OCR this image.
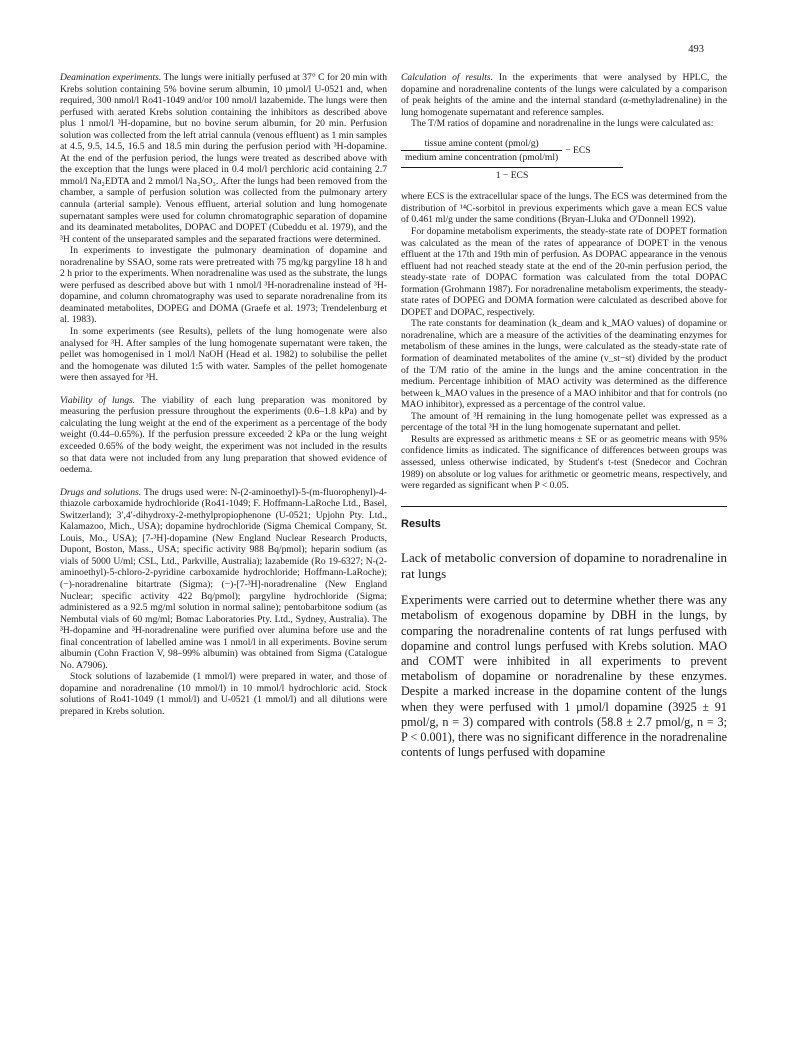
493

Deamination experiments. The lungs were initially perfused at 37° C for 20 min with Krebs solution containing 5% bovine serum albumin, 10 µmol/l U-0521 and, when required, 300 nmol/l Ro41-1049 and/or 100 nmol/l lazabemide. The lungs were then perfused with aerated Krebs solution containing the inhibitors as described above plus 1 nmol/l ³H-dopamine, but no bovine serum albumin, for 20 min. Perfusion solution was collected from the left atrial cannula (venous effluent) as 1 min samples at 4.5, 9.5, 14.5, 16.5 and 18.5 min during the perfusion period with ³H-dopamine. At the end of the perfusion period, the lungs were treated as described above with the exception that the lungs were placed in 0.4 mol/l perchloric acid containing 2.7 mmol/l Na₂EDTA and 2 mmol/l Na₂SO₃. After the lungs had been removed from the chamber, a sample of perfusion solution was collected from the pulmonary artery cannula (arterial sample). Venous effluent, arterial solution and lung homogenate supernatant samples were used for column chromatographic separation of dopamine and its deaminated metabolites, DOPAC and DOPET (Cubeddu et al. 1979), and the ³H content of the unseparated samples and the separated fractions were determined.

In experiments to investigate the pulmonary deamination of dopamine and noradrenaline by SSAO, some rats were pretreated with 75 mg/kg pargyline 18 h and 2 h prior to the experiments. When noradrenaline was used as the substrate, the lungs were perfused as described above but with 1 nmol/l ³H-noradrenaline instead of ³H-dopamine, and column chromatography was used to separate noradrenaline from its deaminated metabolites, DOPEG and DOMA (Graefe et al. 1973; Trendelenburg et al. 1983).

In some experiments (see Results), pellets of the lung homogenate were also analysed for ³H. After samples of the lung homogenate supernatant were taken, the pellet was homogenised in 1 mol/l NaOH (Head et al. 1982) to solubilise the pellet and the homogenate was diluted 1:5 with water. Samples of the pellet homogenate were then assayed for ³H.

Viability of lungs. The viability of each lung preparation was monitored by measuring the perfusion pressure throughout the experiments (0.6–1.8 kPa) and by calculating the lung weight at the end of the experiment as a percentage of the body weight (0.44–0.65%). If the perfusion pressure exceeded 2 kPa or the lung weight exceeded 0.65% of the body weight, the experiment was not included in the results so that data were not included from any lung preparation that showed evidence of oedema.

Drugs and solutions. The drugs used were: N-(2-aminoethyl)-5-(m-fluorophenyl)-4-thiazole carboxamide hydrochloride (Ro41-1049; F. Hoffmann-LaRoche Ltd., Basel, Switzerland); 3′,4′-dihydroxy-2-methylpropiophenone (U-0521; Upjohn Pty. Ltd., Kalamazoo, Mich., USA); dopamine hydrochloride (Sigma Chemical Company, St. Louis, Mo., USA); [7-³H]-dopamine (New England Nuclear Research Products, Dupont, Boston, Mass., USA; specific activity 988 Bq/pmol); heparin sodium (as vials of 5000 U/ml; CSL, Ltd., Parkville, Australia); lazabemide (Ro 19-6327; N-(2-aminoethyl)-5-chloro-2-pyridine carboxamide hydrochloride; Hoffmann-LaRoche); (−)-noradrenaline bitartrate (Sigma); (−)-[7-³H]-noradrenaline (New England Nuclear; specific activity 422 Bq/pmol); pargyline hydrochloride (Sigma; administered as a 92.5 mg/ml solution in normal saline); pentobarbitone sodium (as Nembutal vials of 60 mg/ml; Bomac Laboratories Pty. Ltd., Sydney, Australia). The ³H-dopamine and ³H-noradrenaline were purified over alumina before use and the final concentration of labelled amine was 1 nmol/l in all experiments. Bovine serum albumin (Cohn Fraction V, 98–99% albumin) was obtained from Sigma (Catalogue No. A7906).

Stock solutions of lazabemide (1 mmol/l) were prepared in water, and those of dopamine and noradrenaline (10 mmol/l) in 10 mmol/l hydrochloric acid. Stock solutions of Ro41-1049 (1 mmol/l) and U-0521 (1 mmol/l) and all dilutions were prepared in Krebs solution.

Calculation of results. In the experiments that were analysed by HPLC, the dopamine and noradrenaline contents of the lungs were calculated by a comparison of peak heights of the amine and the internal standard (α-methyladrenaline) in the lung homogenate supernatant and reference samples.

The T/M ratios of dopamine and noradrenaline in the lungs were calculated as:

$\frac{\text{tissue amine content (pmol/g)}}{\text{medium amine concentration (pmol/ml)}}$ − ECS
1 − ECS

where ECS is the extracellular space of the lungs. The ECS was determined from the distribution of ¹⁴C-sorbitol in previous experiments which gave a mean ECS value of 0.461 ml/g under the same conditions (Bryan-Lluka and O'Donnell 1992).

For dopamine metabolism experiments, the steady-state rate of DOPET formation was calculated as the mean of the rates of appearance of DOPET in the venous effluent at the 17th and 19th min of perfusion. As DOPAC appearance in the venous effluent had not reached steady state at the end of the 20-min perfusion period, the steady-state rate of DOPAC formation was calculated from the total DOPAC formation (Grohmann 1987). For noradrenaline metabolism experiments, the steady-state rates of DOPEG and DOMA formation were calculated as described above for DOPET and DOPAC, respectively.

The rate constants for deamination (k_deam and k_MAO values) of dopamine or noradrenaline, which are a measure of the activities of the deaminating enzymes for metabolism of these amines in the lungs, were calculated as the steady-state rate of formation of deaminated metabolites of the amine (v_st−st) divided by the product of the T/M ratio of the amine in the lungs and the amine concentration in the medium. Percentage inhibition of MAO activity was determined as the difference between k_MAO values in the presence of a MAO inhibitor and that for controls (no MAO inhibitor), expressed as a percentage of the control value.

The amount of ³H remaining in the lung homogenate pellet was expressed as a percentage of the total ³H in the lung homogenate supernatant and pellet.

Results are expressed as arithmetic means ± SE or as geometric means with 95% confidence limits as indicated. The significance of differences between groups was assessed, unless otherwise indicated, by Student's t-test (Snedecor and Cochran 1989) on absolute or log values for arithmetic or geometric means, respectively, and were regarded as significant when P < 0.05.

Results
Lack of metabolic conversion of dopamine to noradrenaline in rat lungs

Experiments were carried out to determine whether there was any metabolism of exogenous dopamine by DBH in the lungs, by comparing the noradrenaline contents of rat lungs perfused with dopamine and control lungs perfused with Krebs solution. MAO and COMT were inhibited in all experiments to prevent metabolism of dopamine or noradrenaline by these enzymes. Despite a marked increase in the dopamine content of the lungs when they were perfused with 1 µmol/l dopamine (3925 ± 91 pmol/g, n = 3) compared with controls (58.8 ± 2.7 pmol/g, n = 3; P < 0.001), there was no significant difference in the noradrenaline contents of lungs perfused with dopamine
